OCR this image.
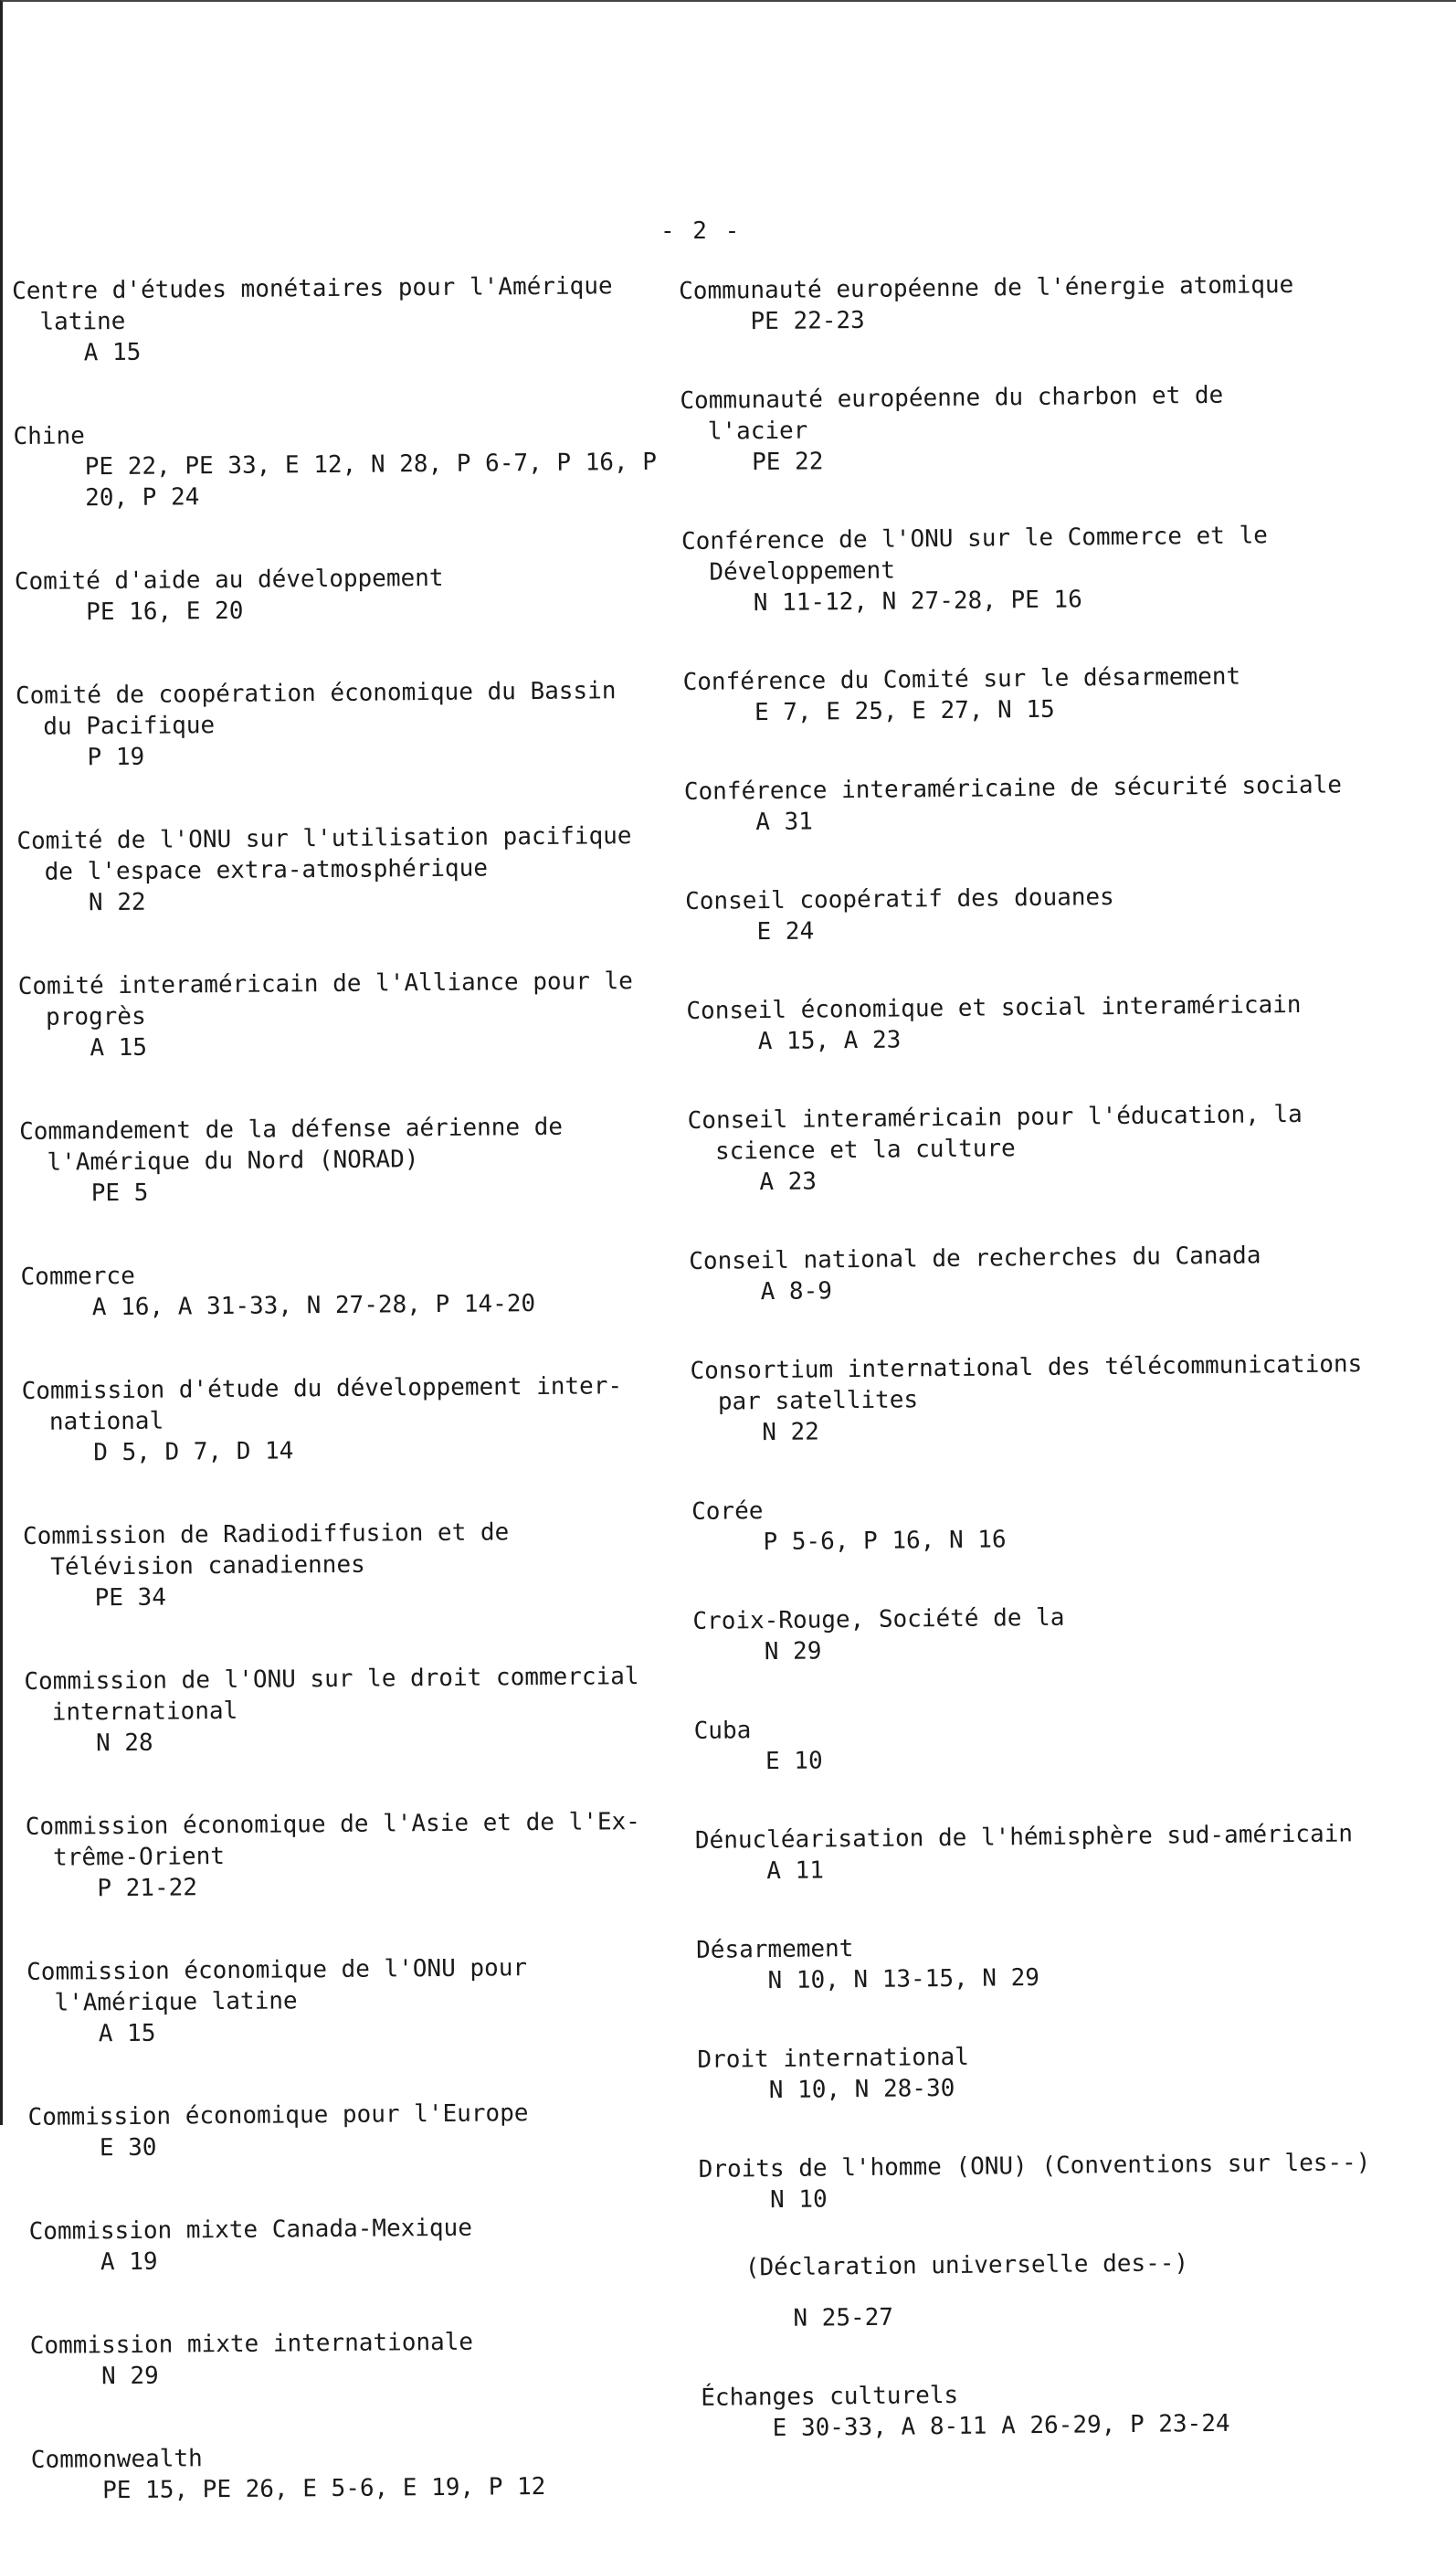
- 2 -
Centre d'études monétaires pour l'Amérique
latine
A 15
Chine
PE 22, PE 33, E 12, N 28, P 6-7, P 16, P 20, P 24
Comité d'aide au développement
PE 16, E 20
Comité de coopération économique du Bassin
du Pacifique
P 19
Comité de l'ONU sur l'utilisation pacifique
de l'espace extra-atmosphérique
N 22
Comité interaméricain de l'Alliance pour le
progrès
A 15
Commandement de la défense aérienne de
l'Amérique du Nord (NORAD)
PE 5
Commerce
A 16, A 31-33, N 27-28, P 14-20
Commission d'étude du développement inter-
national
D 5, D 7, D 14
Commission de Radiodiffusion et de
Télévision canadiennes
PE 34
Commission de l'ONU sur le droit commercial
international
N 28
Commission économique de l'Asie et de l'Ex-
trême-Orient
P 21-22
Commission économique de l'ONU pour
l'Amérique latine
A 15
Commission économique pour l'Europe
E 30
Commission mixte Canada-Mexique
A 19
Commission mixte internationale
N 29
Commonwealth
PE 15, PE 26, E 5-6, E 19, P 12
Communauté européenne de l'énergie atomique
PE 22-23
Communauté européenne du charbon et de
l'acier
PE 22
Conférence de l'ONU sur le Commerce et le
Développement
N 11-12, N 27-28, PE 16
Conférence du Comité sur le désarmement
E 7, E 25, E 27, N 15
Conférence interaméricaine de sécurité sociale
A 31
Conseil coopératif des douanes
E 24
Conseil économique et social interaméricain
A 15, A 23
Conseil interaméricain pour l'éducation, la
science et la culture
A 23
Conseil national de recherches du Canada
A 8-9
Consortium international des télécommunications
par satellites
N 22
Corée
P 5-6, P 16, N 16
Croix-Rouge, Société de la
N 29
Cuba
E 10
Dénucléarisation de l'hémisphère sud-américain
A 11
Désarmement
N 10, N 13-15, N 29
Droit international
N 10, N 28-30
Droits de l'homme (ONU) (Conventions sur les--)
N 10
(Déclaration universelle des--)
N 25-27
Échanges culturels
E 30-33, A 8-11 A 26-29, P 23-24
